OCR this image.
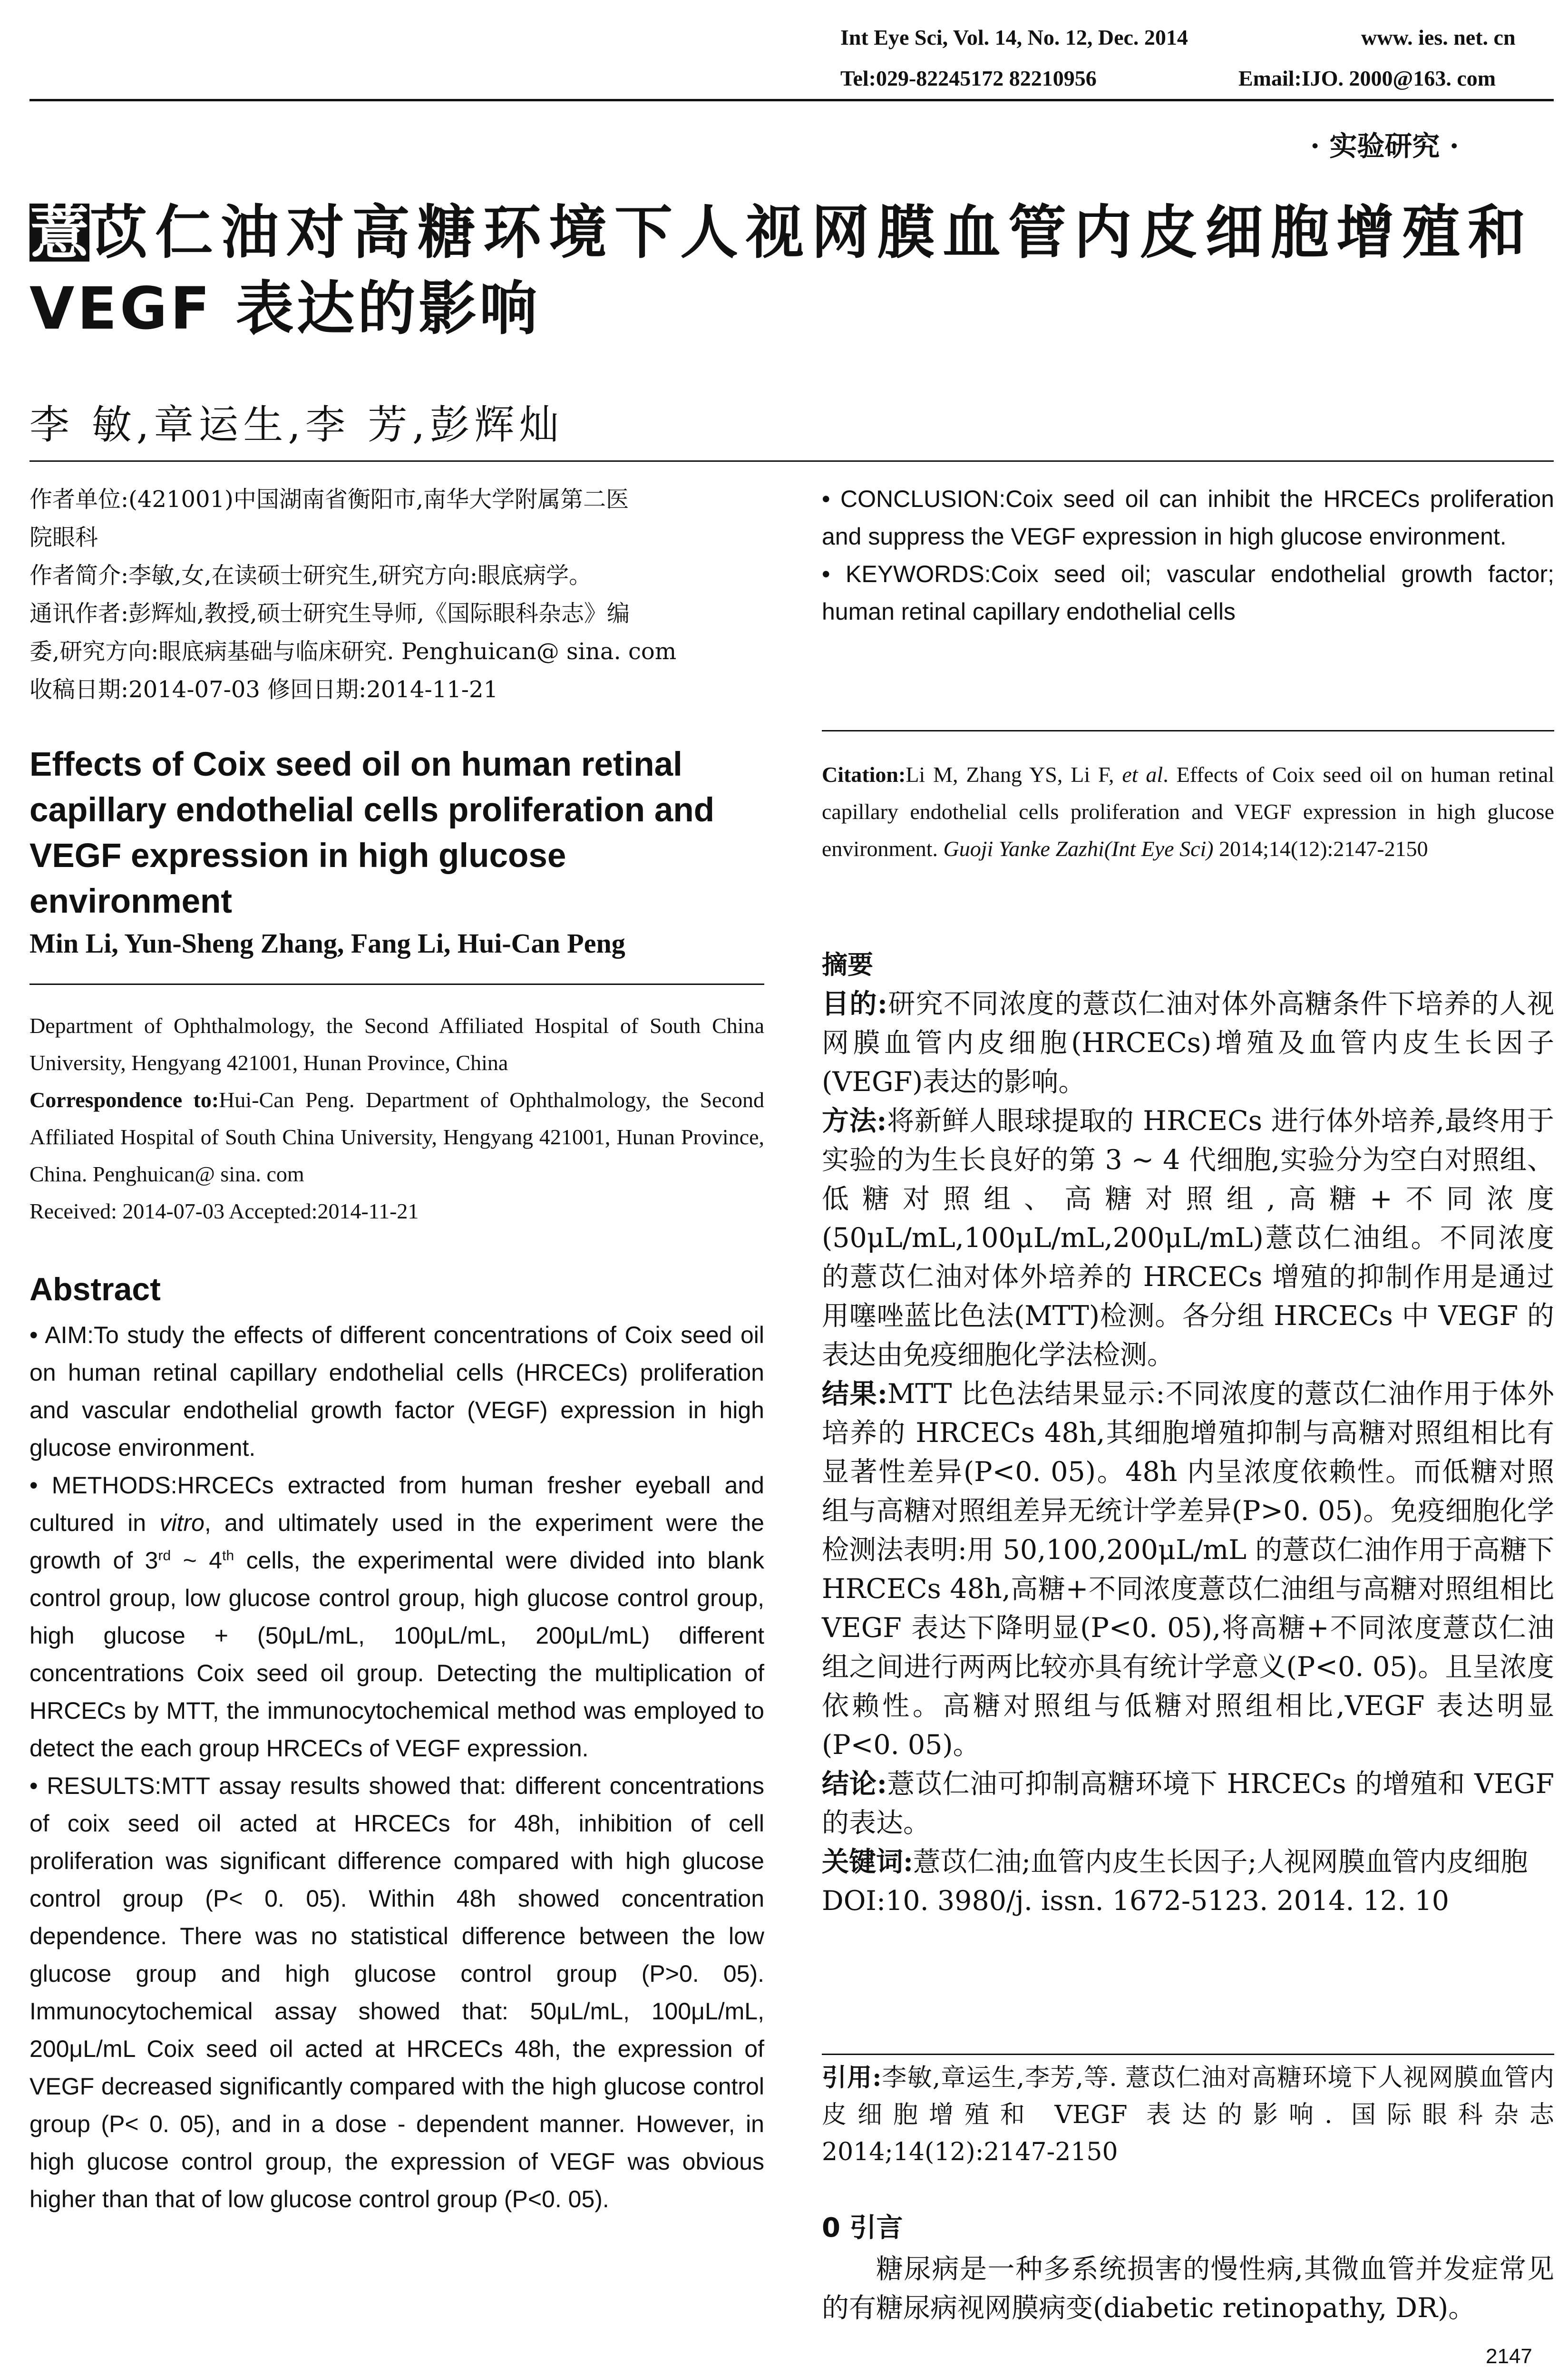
Int Eye Sci, Vol. 14, No. 12, Dec. 2014	www. ies. net. cn
Tel:029-82245172 82210956	Email:IJO. 2000@163. com
· 实验研究 ·
薏苡仁油对高糖环境下人视网膜血管内皮细胞增殖和
VEGF 表达的影响
李 敏,章运生,李 芳,彭辉灿

作者单位:(421001)中国湖南省衡阳市,南华大学附属第二医

院眼科

作者简介:李敏,女,在读硕士研究生,研究方向:眼底病学。

通讯作者:彭辉灿,教授,硕士研究生导师,《国际眼科杂志》编

委,研究方向:眼底病基础与临床研究. Penghuican@ sina. com

收稿日期:2014-07-03 修回日期:2014-11-21

Effects of Coix seed oil on human retinal capillary endothelial cells proliferation and VEGF expression in high glucose environment
Min Li, Yun-Sheng Zhang, Fang Li, Hui-Can Peng

Department of Ophthalmology, the Second Affiliated Hospital of South China University, Hengyang 421001, Hunan Province, China

Correspondence to:Hui-Can Peng. Department of Ophthalmology, the Second Affiliated Hospital of South China University, Hengyang 421001, Hunan Province, China. Penghuican@ sina. com

Received: 2014-07-03 Accepted:2014-11-21

Abstract

• AIM:To study the effects of different concentrations of Coix seed oil on human retinal capillary endothelial cells (HRCECs) proliferation and vascular endothelial growth factor (VEGF) expression in high glucose environment.

• METHODS:HRCECs extracted from human fresher eyeball and cultured in vitro, and ultimately used in the experiment were the growth of 3rd ~ 4th cells, the experimental were divided into blank control group, low glucose control group, high glucose control group, high glucose + (50μL/mL, 100μL/mL, 200μL/mL) different concentrations Coix seed oil group. Detecting the multiplication of HRCECs by MTT, the immunocytochemical method was employed to detect the each group HRCECs of VEGF expression.

• RESULTS:MTT assay results showed that: different concentrations of coix seed oil acted at HRCECs for 48h, inhibition of cell proliferation was significant difference compared with high glucose control group (P< 0. 05). Within 48h showed concentration dependence. There was no statistical difference between the low glucose group and high glucose control group (P>0. 05). Immunocytochemical assay showed that: 50μL/mL, 100μL/mL, 200μL/mL Coix seed oil acted at HRCECs 48h, the expression of VEGF decreased significantly compared with the high glucose control group (P< 0. 05), and in a dose - dependent manner. However, in high glucose control group, the expression of VEGF was obvious higher than that of low glucose control group (P<0. 05).

• CONCLUSION:Coix seed oil can inhibit the HRCECs proliferation and suppress the VEGF expression in high glucose environment.

• KEYWORDS:Coix seed oil; vascular endothelial growth factor; human retinal capillary endothelial cells

Citation:Li M, Zhang YS, Li F, et al. Effects of Coix seed oil on human retinal capillary endothelial cells proliferation and VEGF expression in high glucose environment. Guoji Yanke Zazhi(Int Eye Sci) 2014;14(12):2147-2150

摘要

目的:研究不同浓度的薏苡仁油对体外高糖条件下培养的人视网膜血管内皮细胞(HRCECs)增殖及血管内皮生长因子(VEGF)表达的影响。

方法:将新鲜人眼球提取的 HRCECs 进行体外培养,最终用于实验的为生长良好的第 3 ~ 4 代细胞,实验分为空白对照组、低糖对照组、高糖对照组,高糖+不同浓度(50μL/mL,100μL/mL,200μL/mL)薏苡仁油组。不同浓度的薏苡仁油对体外培养的 HRCECs 增殖的抑制作用是通过用噻唑蓝比色法(MTT)检测。各分组 HRCECs 中 VEGF 的表达由免疫细胞化学法检测。

结果:MTT 比色法结果显示:不同浓度的薏苡仁油作用于体外培养的 HRCECs 48h,其细胞增殖抑制与高糖对照组相比有显著性差异(P<0. 05)。48h 内呈浓度依赖性。而低糖对照组与高糖对照组差异无统计学差异(P>0. 05)。免疫细胞化学检测法表明:用 50,100,200μL/mL 的薏苡仁油作用于高糖下 HRCECs 48h,高糖+不同浓度薏苡仁油组与高糖对照组相比 VEGF 表达下降明显(P<0. 05),将高糖+不同浓度薏苡仁油组之间进行两两比较亦具有统计学意义(P<0. 05)。且呈浓度依赖性。高糖对照组与低糖对照组相比,VEGF 表达明显(P<0. 05)。

结论:薏苡仁油可抑制高糖环境下 HRCECs 的增殖和 VEGF 的表达。

关键词:薏苡仁油;血管内皮生长因子;人视网膜血管内皮细胞

DOI:10. 3980/j. issn. 1672-5123. 2014. 12. 10

引用:李敏,章运生,李芳,等. 薏苡仁油对高糖环境下人视网膜血管内皮细胞增殖和 VEGF 表达的影响. 国际眼科杂志 2014;14(12):2147-2150

0 引言
糖尿病是一种多系统损害的慢性病,其微血管并发症常见的有糖尿病视网膜病变(diabetic retinopathy, DR)。
2147
